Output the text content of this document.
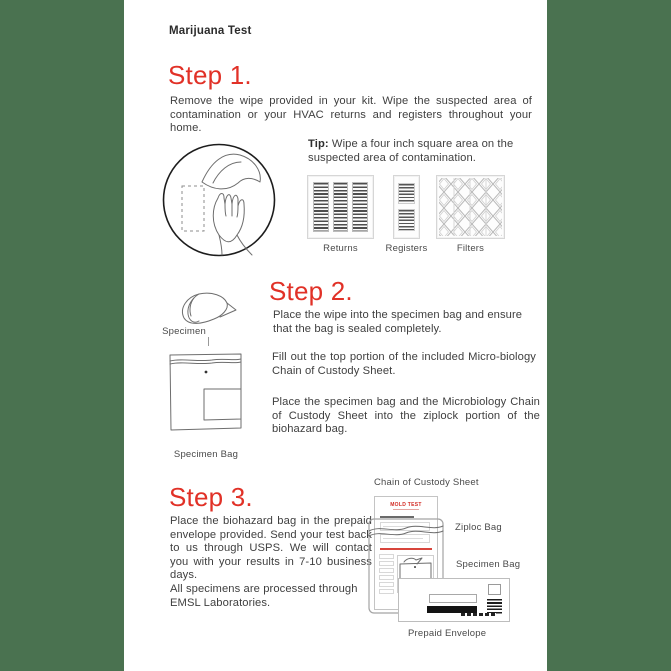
Marijuana Test
Step 1.
Remove the wipe provided in your kit. Wipe the suspected area of contamination or your HVAC returns and registers throughout your home.
Tip: Wipe a four inch square area on the suspected area of contamination.
Returns	Registers	Filters
Step 2.
Place the wipe into the specimen bag and ensure that the bag is sealed completely.
Fill out the top portion of the included Micro-biology Chain of Custody Sheet.
Place the specimen bag and the Microbiology Chain of Custody Sheet into the ziplock portion of the biohazard bag.
Specimen
Specimen Bag
Step 3.
Place the biohazard bag in the prepaid envelope provided. Send your test back to us through USPS. We will contact you with your results in 7-10 business days.
All specimens are processed through EMSL Laboratories.
Chain of Custody Sheet
MOLD TEST
Ziploc Bag
Specimen Bag
Prepaid Envelope
